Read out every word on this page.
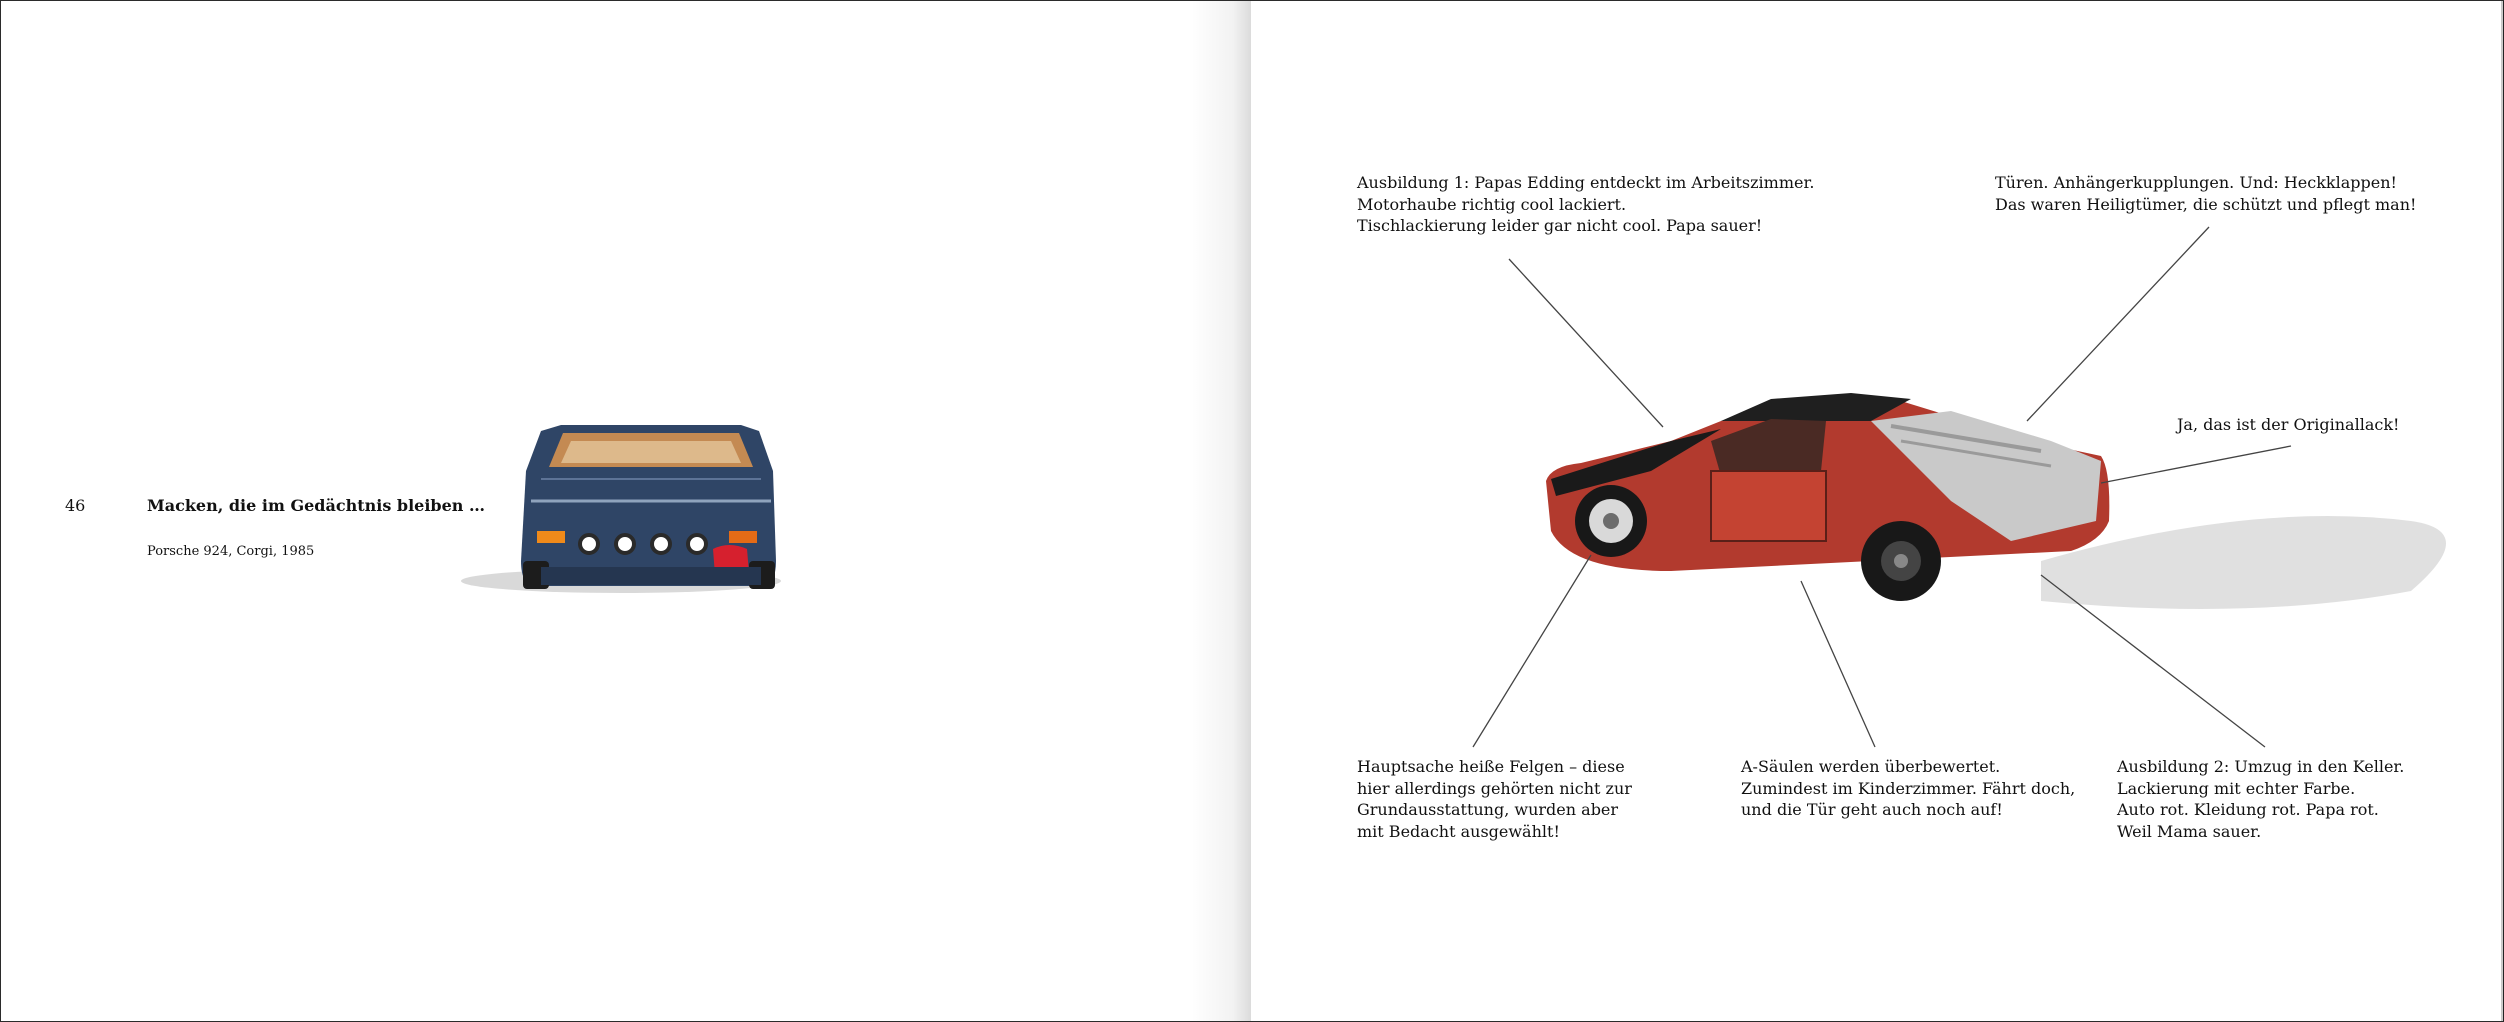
46	Macken, die im Gedächtnis bleiben …
Porsche 924, Corgi, 1985
Ausbildung 1: Papas Edding entdeckt im Arbeitszimmer.
Motorhaube richtig cool lackiert.
Tischlackierung leider gar nicht cool. Papa sauer!
Türen. Anhängerkupplungen. Und: Heckklappen!
Das waren Heiligtümer, die schützt und pflegt man!
Ja, das ist der Originallack!
Hauptsache heiße Felgen – diese
hier allerdings gehörten nicht zur
Grundausstattung, wurden aber
mit Bedacht ausgewählt!
A-Säulen werden überbewertet.
Zumindest im Kinderzimmer. Fährt doch,
und die Tür geht auch noch auf!
Ausbildung 2: Umzug in den Keller.
Lackierung mit echter Farbe.
Auto rot. Kleidung rot. Papa rot.
Weil Mama sauer.
